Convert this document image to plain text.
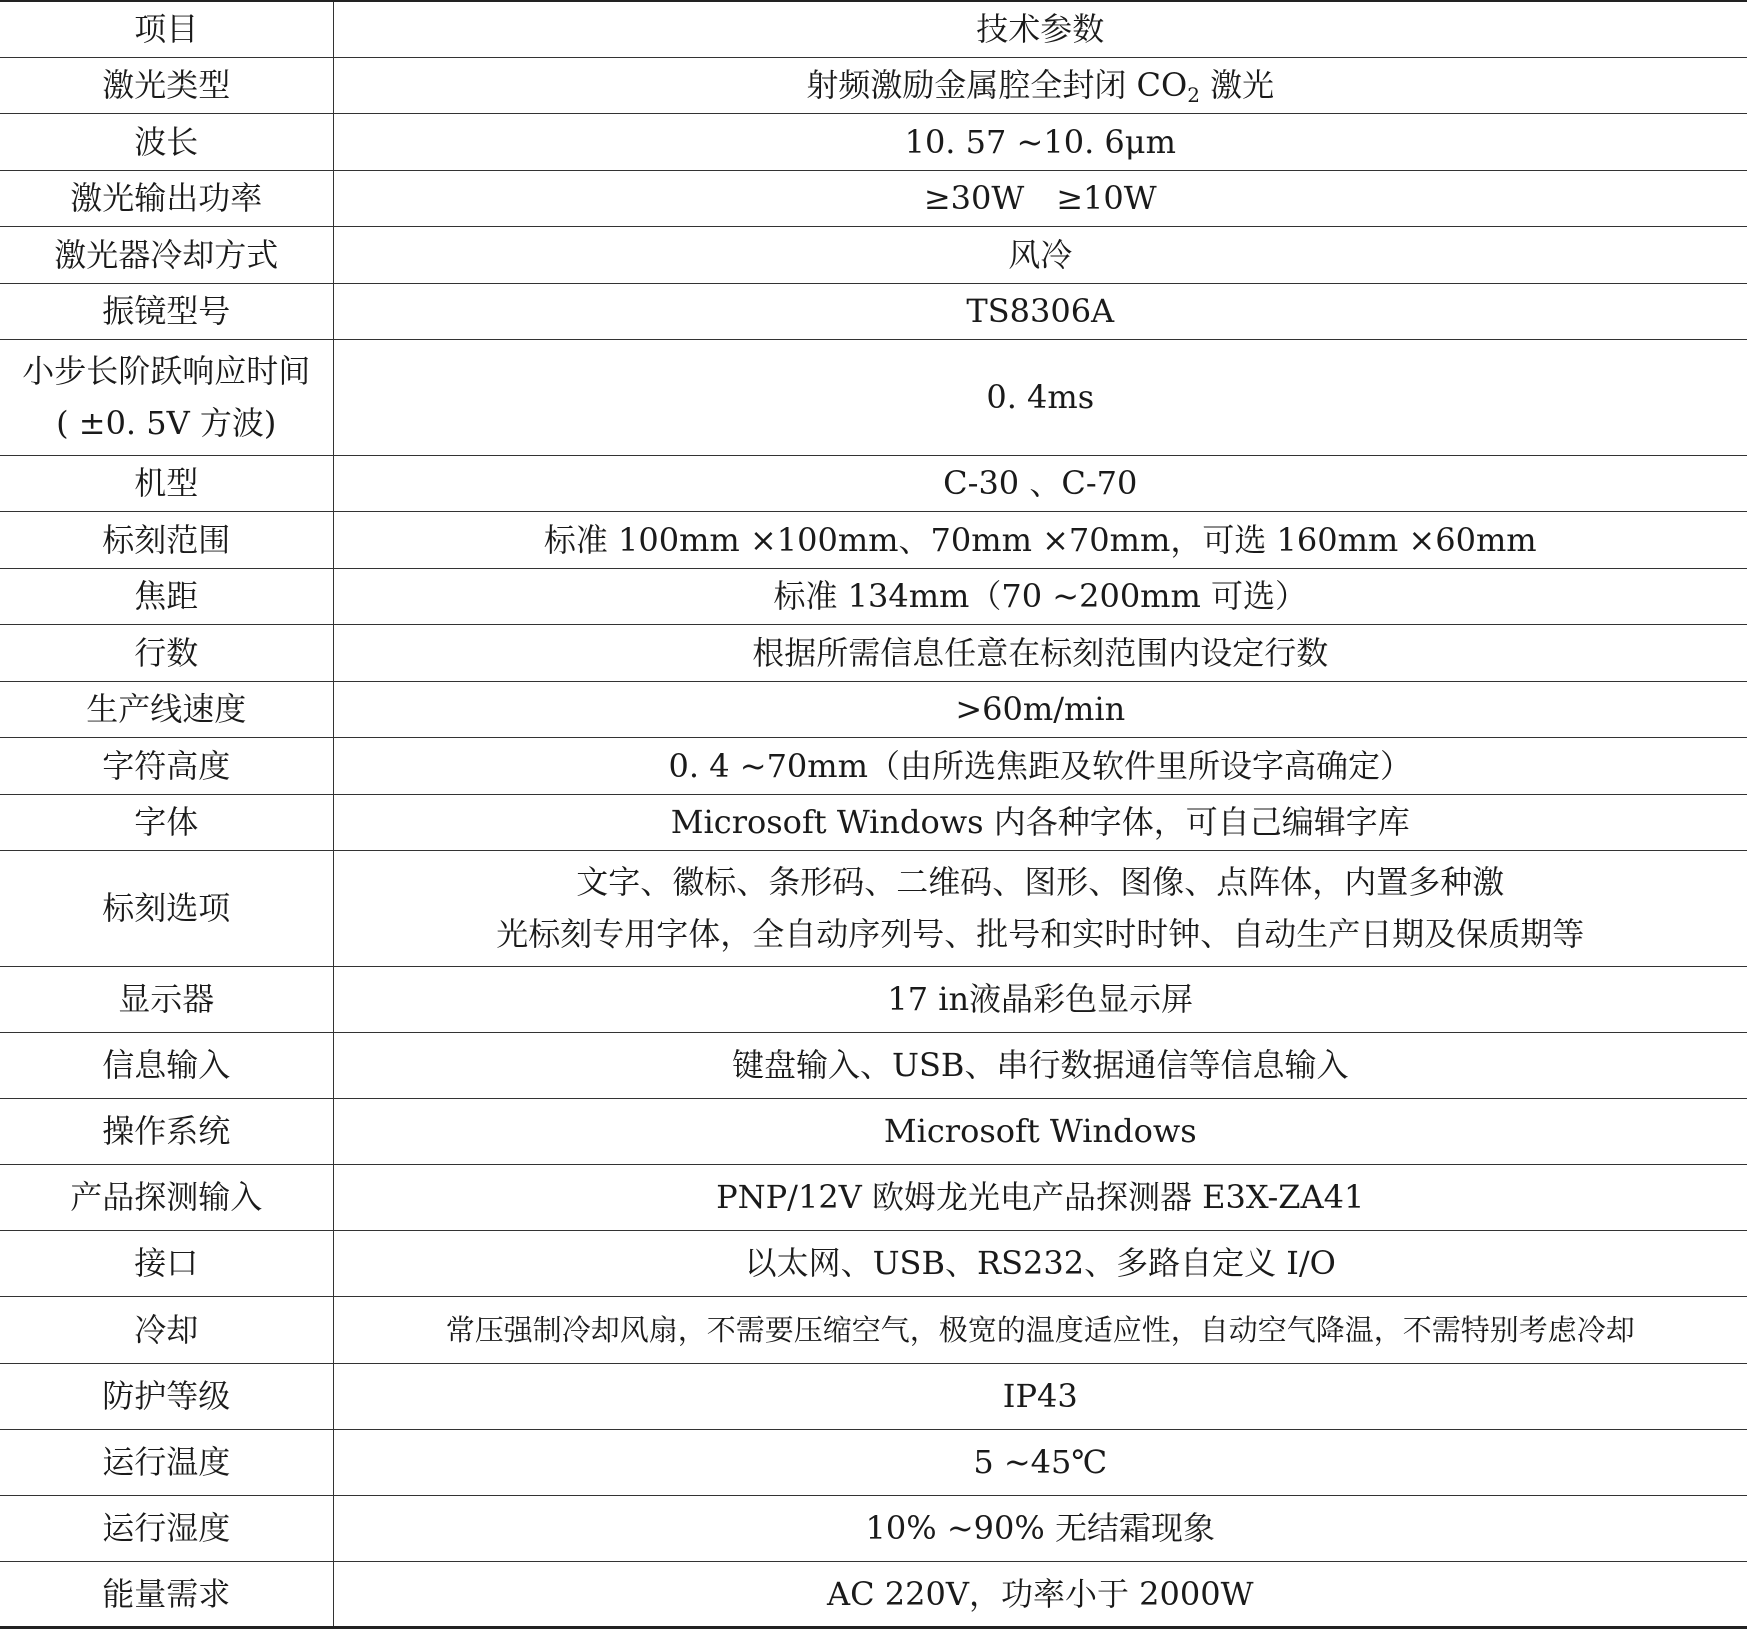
项目	技术参数
激光类型	射频激励金属腔全封闭 $CO_2$ 激光
波长	10. 57 ~10. 6μm
激光输出功率	≥30W　≥10W
激光器冷却方式	风冷
振镜型号	TS8306A

小步长阶跃响应时间
( ±0. 5V 方波)	0. 4ms
机型	C-30 、C-70
标刻范围	标准 100mm ×100mm、70mm ×70mm，可选 160mm ×60mm
焦距	标准 134mm（70 ~200mm 可选）
行数	根据所需信息任意在标刻范围内设定行数
生产线速度	>60m/min
字符高度	0. 4 ~70mm（由所选焦距及软件里所设字高确定）
字体	Microsoft Windows 内各种字体，可自己编辑字库
标刻选项	文字、徽标、条形码、二维码、图形、图像、点阵体，内置多种激
光标刻专用字体，全自动序列号、批号和实时时钟、自动生产日期及保质期等

显示器	17 in液晶彩色显示屏
信息输入	键盘输入、USB、串行数据通信等信息输入
操作系统	Microsoft Windows
产品探测输入	PNP/12V 欧姆龙光电产品探测器 E3X-ZA41
接口	以太网、USB、RS232、多路自定义 I/O
冷却	常压强制冷却风扇，不需要压缩空气，极宽的温度适应性，自动空气降温，不需特别考虑冷却
防护等级	IP43
运行温度	5 ~45℃
运行湿度	10% ~90% 无结霜现象
能量需求	AC 220V，功率小于 2000W
